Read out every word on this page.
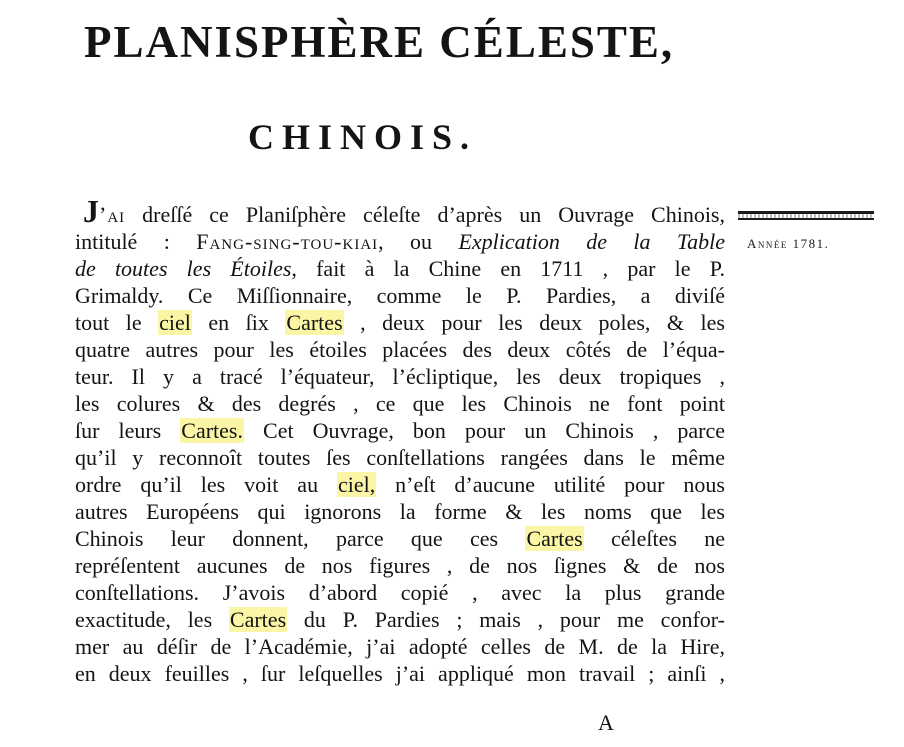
PLANISPHÈRE CÉLESTE,
CHINOIS.

Année 1781.

J’ai dreſſé ce Planiſphère céleſte d’après un Ouvrage Chinois,
intitulé : Fang-sing-tou-kiai, ou Explication de la Table
de toutes les Étoiles, fait à la Chine en 1711 , par le P.
Grimaldy. Ce Miſſionnaire, comme le P. Pardies, a diviſé
tout le ciel en ſix Cartes , deux pour les deux poles, & les
quatre autres pour les étoiles placées des deux côtés de l’équa-
teur. Il y a tracé l’équateur, l’écliptique, les deux tropiques ,
les colures & des degrés , ce que les Chinois ne font point
ſur leurs Cartes. Cet Ouvrage, bon pour un Chinois , parce
qu’il y reconnoît toutes ſes conſtellations rangées dans le même
ordre qu’il les voit au ciel, n’eſt d’aucune utilité pour nous
autres Européens qui ignorons la forme & les noms que les
Chinois leur donnent, parce que ces Cartes céleſtes ne
repréſentent aucunes de nos figures , de nos ſignes & de nos
conſtellations. J’avois d’abord copié , avec la plus grande
exactitude, les Cartes du P. Pardies ; mais , pour me confor-
mer au déſir de l’Académie, j’ai adopté celles de M. de la Hire,
en deux feuilles , ſur leſquelles j’ai appliqué mon travail ; ainſi ,

A
